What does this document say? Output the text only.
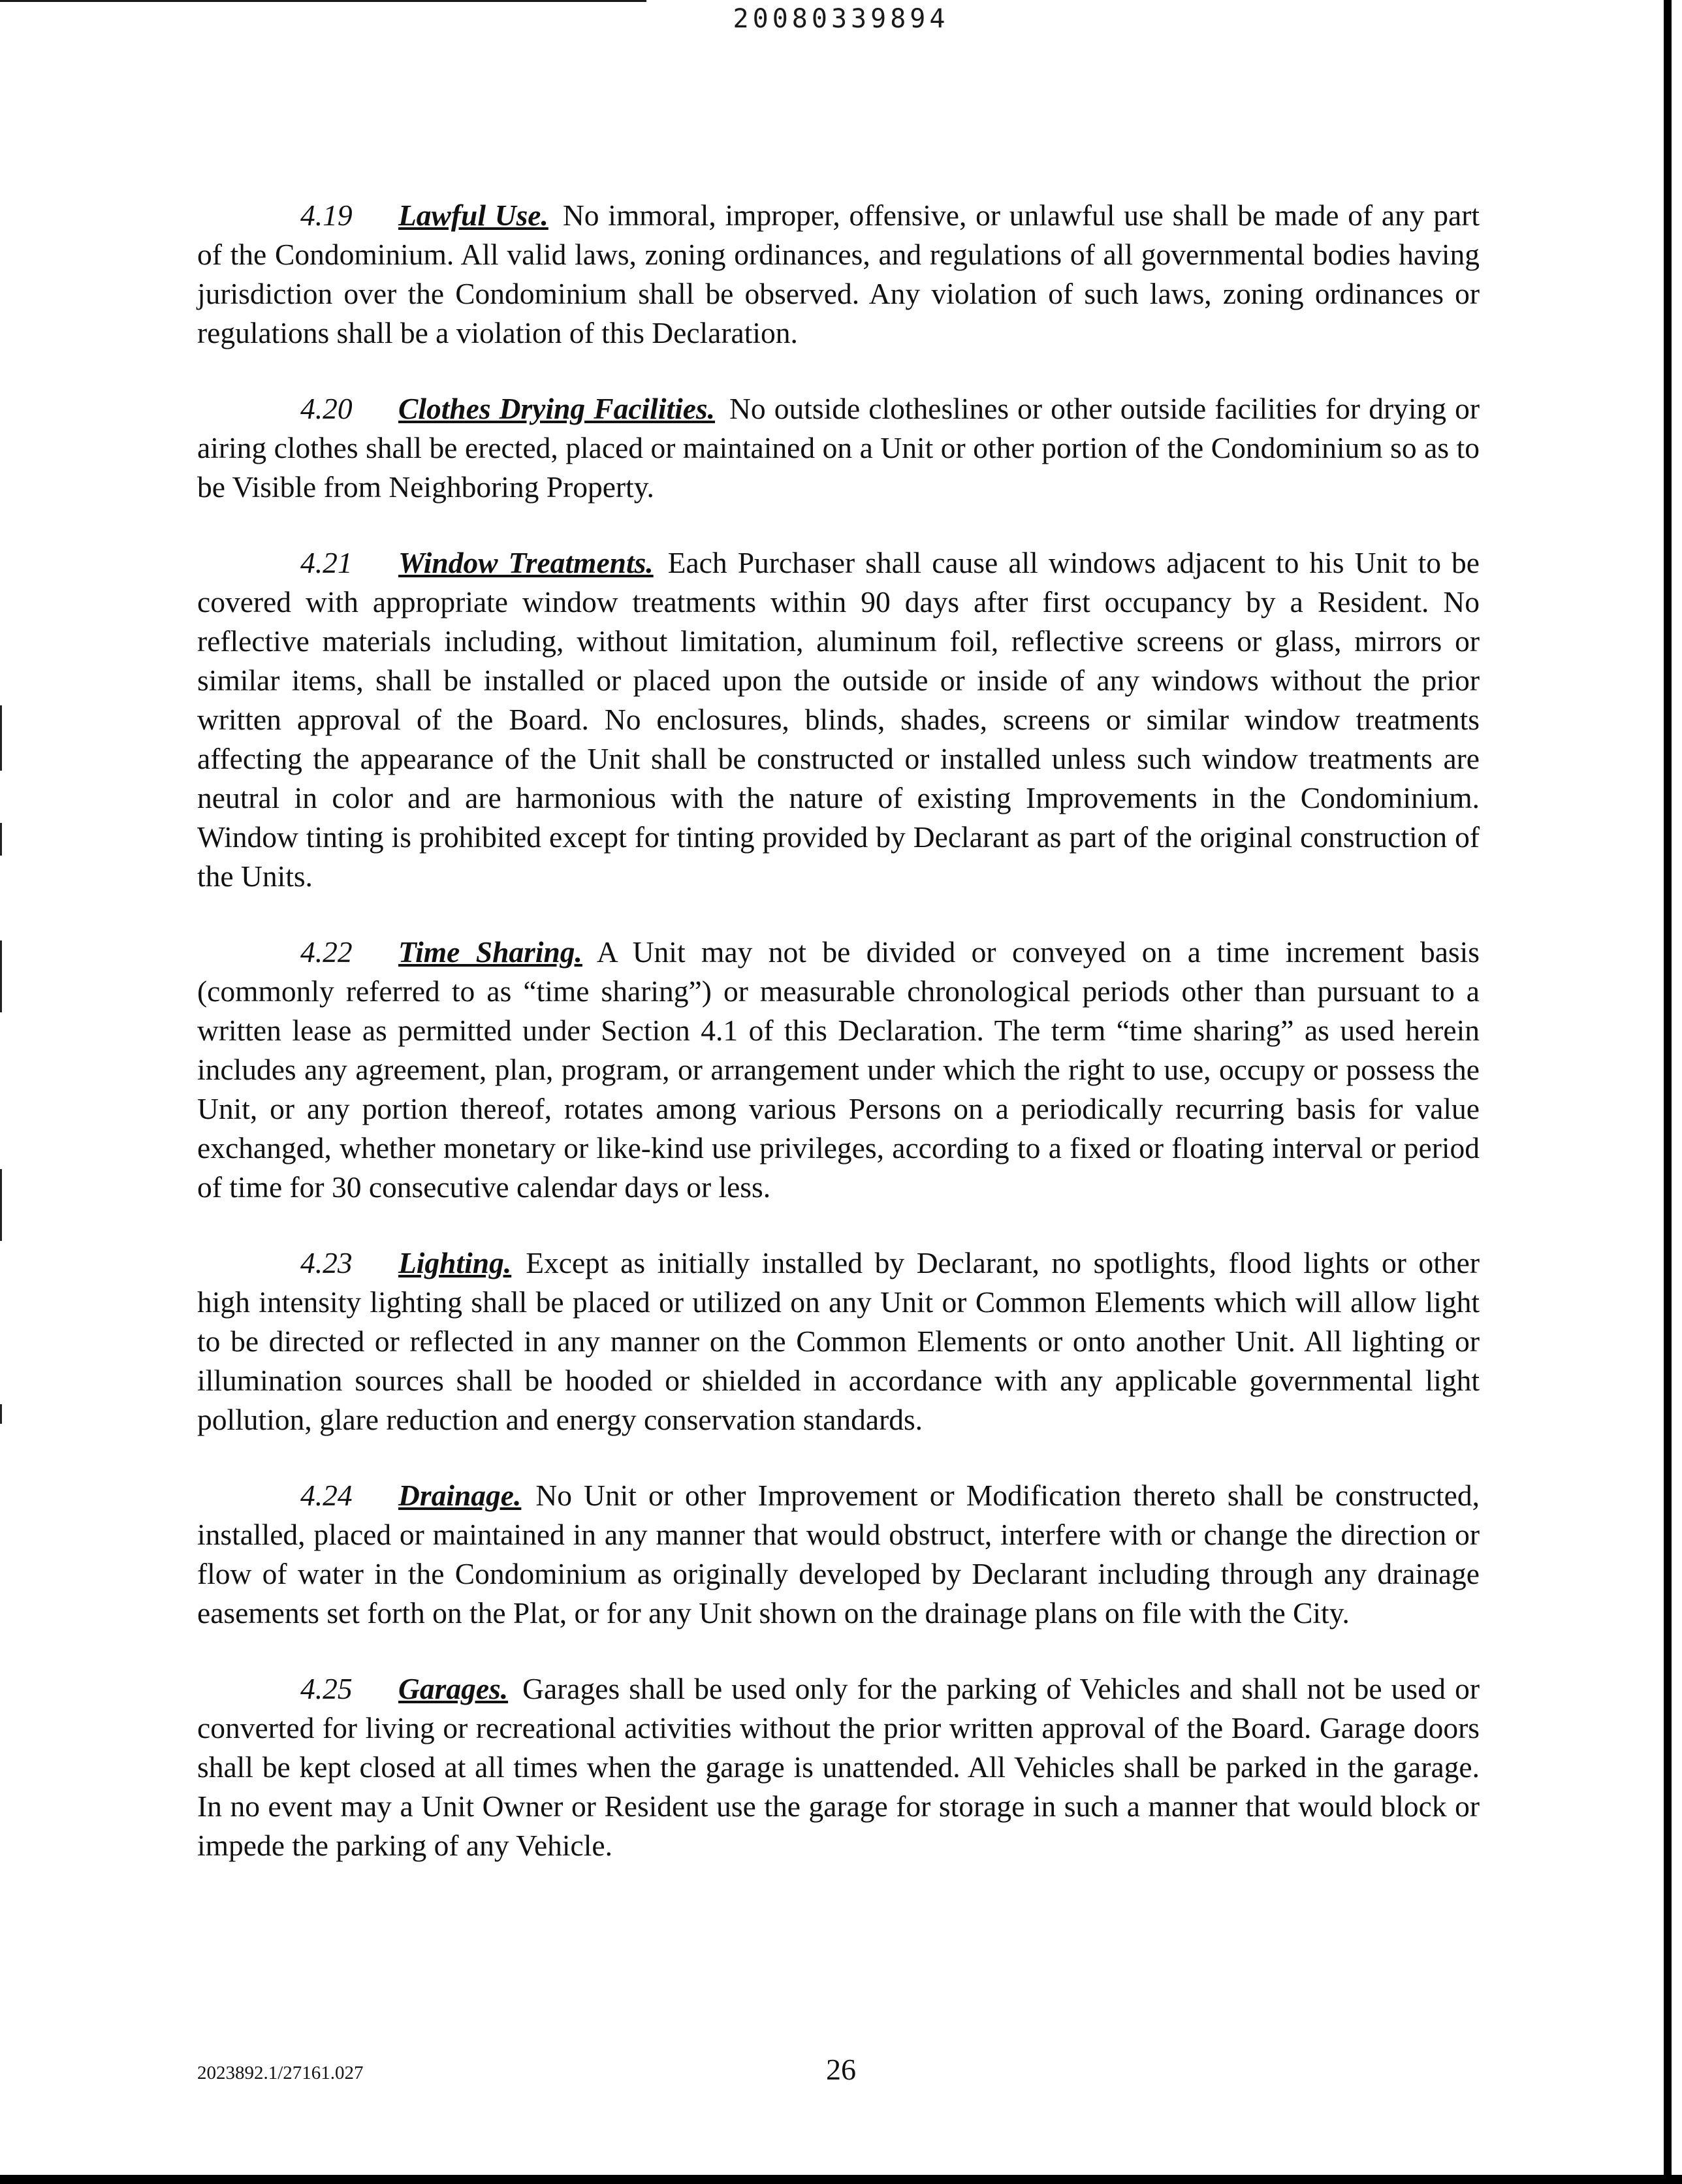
20080339894

4.19 Lawful Use. No immoral, improper, offensive, or unlawful use shall be made of any part of the Condominium. All valid laws, zoning ordinances, and regulations of all governmental bodies having jurisdiction over the Condominium shall be observed. Any violation of such laws, zoning ordinances or regulations shall be a violation of this Declaration.

4.20 Clothes Drying Facilities. No outside clotheslines or other outside facilities for drying or airing clothes shall be erected, placed or maintained on a Unit or other portion of the Condominium so as to be Visible from Neighboring Property.

4.21 Window Treatments. Each Purchaser shall cause all windows adjacent to his Unit to be covered with appropriate window treatments within 90 days after first occupancy by a Resident. No reflective materials including, without limitation, aluminum foil, reflective screens or glass, mirrors or similar items, shall be installed or placed upon the outside or inside of any windows without the prior written approval of the Board. No enclosures, blinds, shades, screens or similar window treatments affecting the appearance of the Unit shall be constructed or installed unless such window treatments are neutral in color and are harmonious with the nature of existing Improvements in the Condominium. Window tinting is prohibited except for tinting provided by Declarant as part of the original construction of the Units.

4.22 Time Sharing. A Unit may not be divided or conveyed on a time increment basis (commonly referred to as “time sharing”) or measurable chronological periods other than pursuant to a written lease as permitted under Section 4.1 of this Declaration. The term “time sharing” as used herein includes any agreement, plan, program, or arrangement under which the right to use, occupy or possess the Unit, or any portion thereof, rotates among various Persons on a periodically recurring basis for value exchanged, whether monetary or like-kind use privileges, according to a fixed or floating interval or period of time for 30 consecutive calendar days or less.

4.23 Lighting. Except as initially installed by Declarant, no spotlights, flood lights or other high intensity lighting shall be placed or utilized on any Unit or Common Elements which will allow light to be directed or reflected in any manner on the Common Elements or onto another Unit. All lighting or illumination sources shall be hooded or shielded in accordance with any applicable governmental light pollution, glare reduction and energy conservation standards.

4.24 Drainage. No Unit or other Improvement or Modification thereto shall be constructed, installed, placed or maintained in any manner that would obstruct, interfere with or change the direction or flow of water in the Condominium as originally developed by Declarant including through any drainage easements set forth on the Plat, or for any Unit shown on the drainage plans on file with the City.

4.25 Garages. Garages shall be used only for the parking of Vehicles and shall not be used or converted for living or recreational activities without the prior written approval of the Board. Garage doors shall be kept closed at all times when the garage is unattended. All Vehicles shall be parked in the garage. In no event may a Unit Owner or Resident use the garage for storage in such a manner that would block or impede the parking of any Vehicle.

2023892.1/27161.027	26
